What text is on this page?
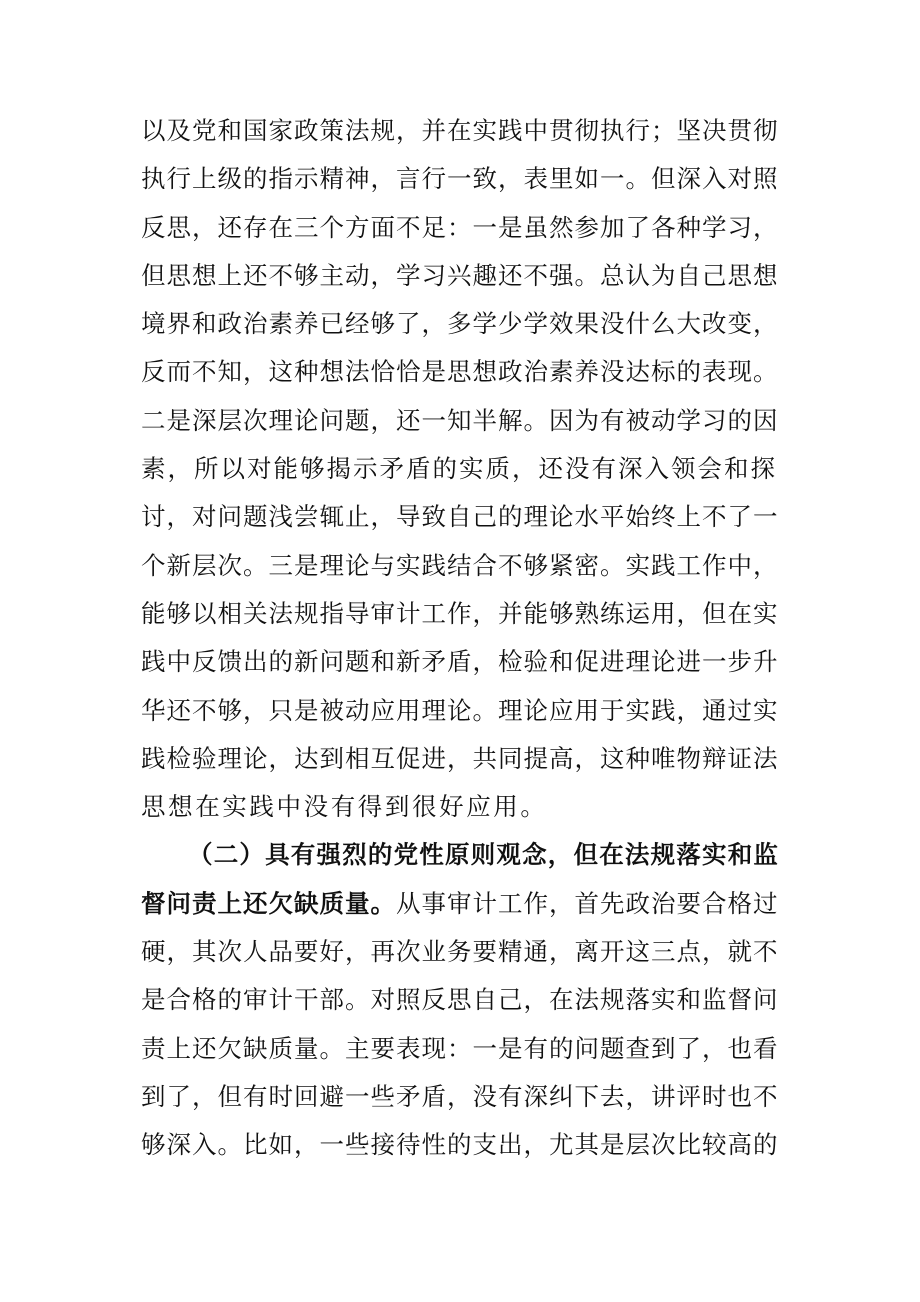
以及党和国家政策法规，并在实践中贯彻执行；坚决贯彻
执行上级的指示精神，言行一致，表里如一。但深入对照
反思，还存在三个方面不足：一是虽然参加了各种学习，
但思想上还不够主动，学习兴趣还不强。总认为自己思想
境界和政治素养已经够了，多学少学效果没什么大改变，
反而不知，这种想法恰恰是思想政治素养没达标的表现。
二是深层次理论问题，还一知半解。因为有被动学习的因
素，所以对能够揭示矛盾的实质，还没有深入领会和探
讨，对问题浅尝辄止，导致自己的理论水平始终上不了一
个新层次。三是理论与实践结合不够紧密。实践工作中，
能够以相关法规指导审计工作，并能够熟练运用，但在实
践中反馈出的新问题和新矛盾，检验和促进理论进一步升
华还不够，只是被动应用理论。理论应用于实践，通过实
践检验理论，达到相互促进，共同提高，这种唯物辩证法
思想在实践中没有得到很好应用。
（二）具有强烈的党性原则观念，但在法规落实和监
督问责上还欠缺质量。从事审计工作，首先政治要合格过
硬，其次人品要好，再次业务要精通，离开这三点，就不
是合格的审计干部。对照反思自己，在法规落实和监督问
责上还欠缺质量。主要表现：一是有的问题查到了，也看
到了，但有时回避一些矛盾，没有深纠下去，讲评时也不
够深入。比如，一些接待性的支出，尤其是层次比较高的
